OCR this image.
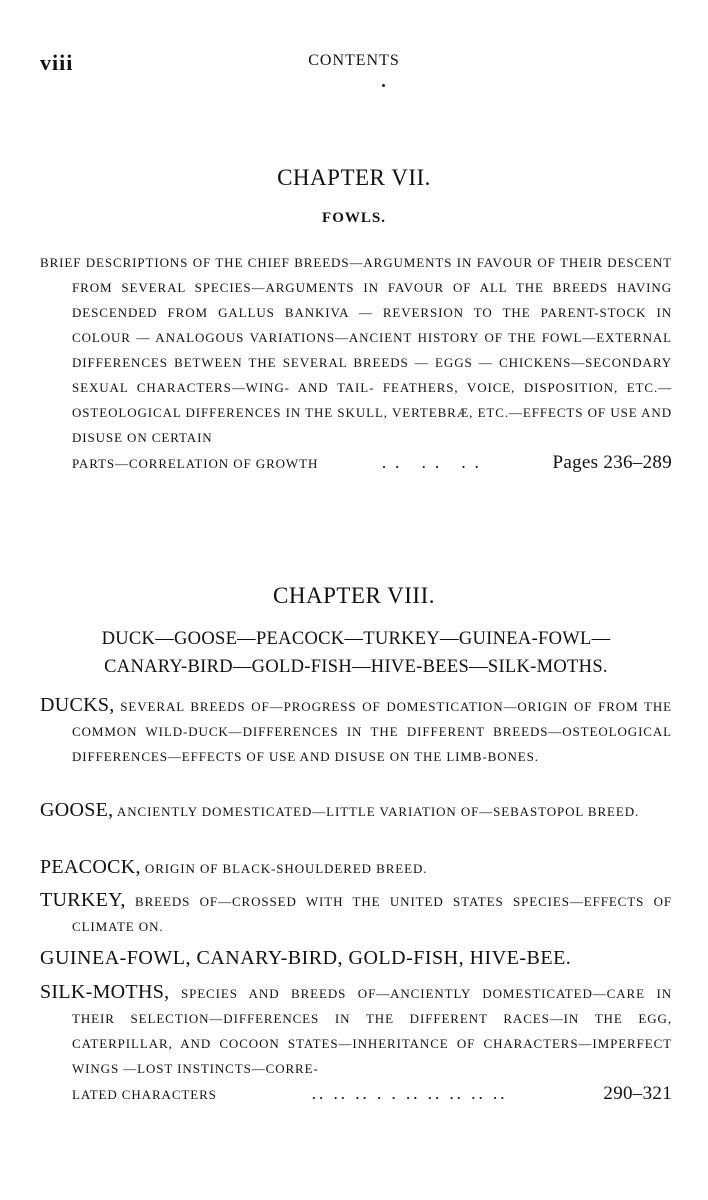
viii	CONTENTS
CHAPTER VII.
FOWLS.
BRIEF DESCRIPTIONS OF THE CHIEF BREEDS—ARGUMENTS IN FAVOUR OF THEIR DESCENT FROM SEVERAL SPECIES—ARGUMENTS IN FAVOUR OF ALL THE BREEDS HAVING DESCENDED FROM GALLUS BANKIVA — REVERSION TO THE PARENT-STOCK IN COLOUR — ANALOGOUS VARIATIONS—ANCIENT HISTORY OF THE FOWL—EXTERNAL DIFFERENCES BETWEEN THE SEVERAL BREEDS — EGGS — CHICKENS—SECONDARY SEXUAL CHARACTERS—WING- AND TAIL- FEATHERS, VOICE, DISPOSITION, ETC.—OSTEOLOGICAL DIFFERENCES IN THE SKULL, VERTEBRÆ, ETC.—EFFECTS OF USE AND DISUSE ON CERTAIN
PARTS—CORRELATION OF GROWTH	.. .. ..	Pages 236–289
CHAPTER VIII.
DUCK—GOOSE—PEACOCK—TURKEY—GUINEA-FOWL—
CANARY-BIRD—GOLD-FISH—HIVE-BEES—SILK-MOTHS.
DUCKS, SEVERAL BREEDS OF—PROGRESS OF DOMESTICATION—ORIGIN OF FROM THE COMMON WILD-DUCK—DIFFERENCES IN THE DIFFERENT BREEDS—OSTEOLOGICAL DIFFERENCES—EFFECTS OF USE AND DISUSE ON THE LIMB-BONES.
GOOSE, ANCIENTLY DOMESTICATED—LITTLE VARIATION OF—SEBASTOPOL BREED.
PEACOCK, ORIGIN OF BLACK-SHOULDERED BREED.
TURKEY, BREEDS OF—CROSSED WITH THE UNITED STATES SPECIES—EFFECTS OF CLIMATE ON.
GUINEA-FOWL, CANARY-BIRD, GOLD-FISH, HIVE-BEE.
SILK-MOTHS, SPECIES AND BREEDS OF—ANCIENTLY DOMESTICATED—CARE IN THEIR SELECTION—DIFFERENCES IN THE DIFFERENT RACES—IN THE EGG, CATERPILLAR, AND COCOON STATES—INHERITANCE OF CHARACTERS—IMPERFECT WINGS —LOST INSTINCTS—CORRE-
LATED CHARACTERS	.. .. .. . . .. .. .. .. ..	290–321
